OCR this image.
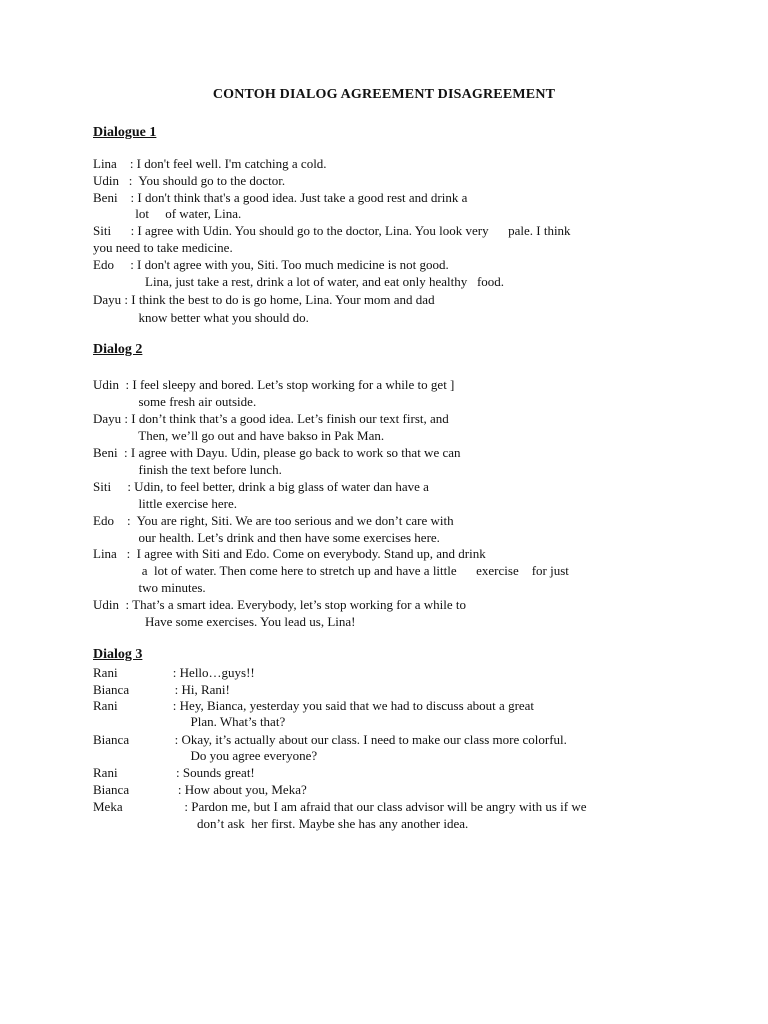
CONTOH DIALOG AGREEMENT DISAGREEMENT
Dialogue 1
Lina    : I don't feel well. I'm catching a cold.
Udin   :  You should go to the doctor.
Beni    : I don't think that's a good idea. Just take a good rest and drink a
lot     of water, Lina.
Siti      : I agree with Udin. You should go to the doctor, Lina. You look very      pale. I think
you need to take medicine.
Edo     : I don't agree with you, Siti. Too much medicine is not good.
Lina, just take a rest, drink a lot of water, and eat only healthy   food.
Dayu : I think the best to do is go home, Lina. Your mom and dad
know better what you should do.
Dialog 2
Udin  : I feel sleepy and bored. Let’s stop working for a while to get ]
some fresh air outside.
Dayu : I don’t think that’s a good idea. Let’s finish our text first, and
Then, we’ll go out and have bakso in Pak Man.
Beni  : I agree with Dayu. Udin, please go back to work so that we can
finish the text before lunch.
Siti     : Udin, to feel better, drink a big glass of water dan have a
little exercise here.
Edo    :  You are right, Siti. We are too serious and we don’t care with
our health. Let’s drink and then have some exercises here.
Lina   :  I agree with Siti and Edo. Come on everybody. Stand up, and drink
a  lot of water. Then come here to stretch up and have a little      exercise    for just
two minutes.
Udin  : That’s a smart idea. Everybody, let’s stop working for a while to
Have some exercises. You lead us, Lina!
Dialog 3
Rani                 : Hello…guys!!
Bianca              : Hi, Rani!
Rani                 : Hey, Bianca, yesterday you said that we had to discuss about a great
Plan. What’s that?
Bianca              : Okay, it’s actually about our class. I need to make our class more colorful.
Do you agree everyone?
Rani                  : Sounds great!
Bianca               : How about you, Meka?
Meka                   : Pardon me, but I am afraid that our class advisor will be angry with us if we
don’t ask  her first. Maybe she has any another idea.
